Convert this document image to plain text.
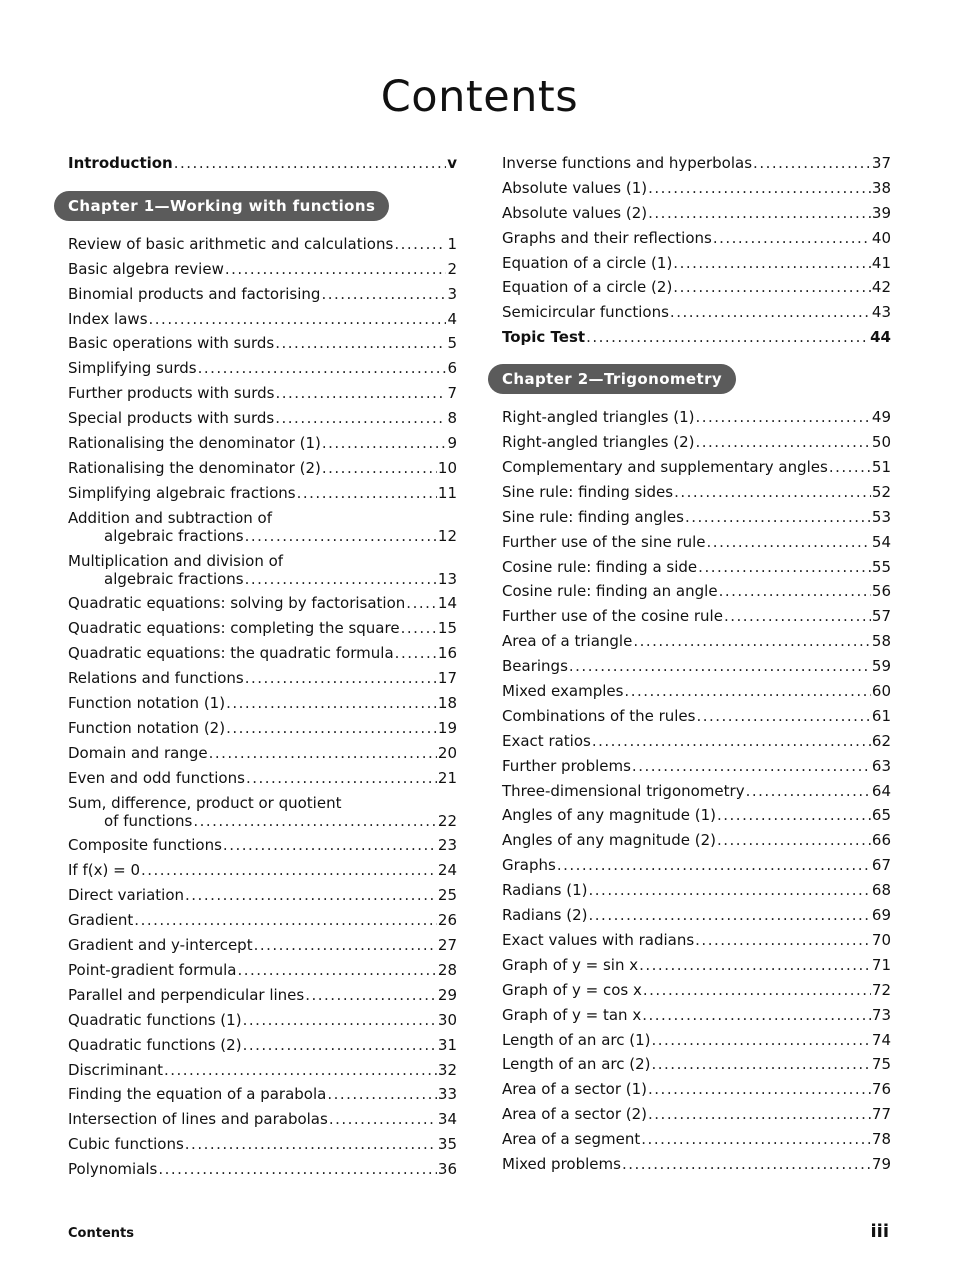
Contents
Introduction .....	v
Chapter 1—Working with functions
Review of basic arithmetic and calculations .....	1
Basic algebra review .....	2
Binomial products and factorising .....	3
Index laws .....	4
Basic operations with surds .....	5
Simplifying surds .....	6
Further products with surds .....	7
Special products with surds .....	8
Rationalising the denominator (1) .....	9
Rationalising the denominator (2) .....	10
Simplifying algebraic fractions .....	11
Addition and subtraction of
algebraic fractions .....	12
Multiplication and division of
algebraic fractions .....	13
Quadratic equations: solving by factorisation ..... 14
Quadratic equations: completing the square .....	15
Quadratic equations: the quadratic formula .....	16
Relations and functions .....	17
Function notation (1) .....	18
Function notation (2) .....	19
Domain and range .....	20
Even and odd functions .....	21
Sum, difference, product or quotient
of functions .....	22
Composite functions .....	23
If f(x) = 0 .....	24
Direct variation .....	25
Gradient .....	26
Gradient and y-intercept .....	27
Point-gradient formula .....	28
Parallel and perpendicular lines .....	29
Quadratic functions (1) .....	30
Quadratic functions (2) .....	31
Discriminant .....	32
Finding the equation of a parabola .....	33
Intersection of lines and parabolas .....	34
Cubic functions .....	35
Polynomials .....	36
Inverse functions and hyperbolas .....	37
Absolute values (1) .....	38
Absolute values (2) .....	39
Graphs and their reflections .....	40
Equation of a circle (1) .....	41
Equation of a circle (2) .....	42
Semicircular functions .....	43
Topic Test .....	44
Chapter 2—Trigonometry
Right-angled triangles (1) .....	49
Right-angled triangles (2) .....	50
Complementary and supplementary angles .....	51
Sine rule: finding sides .....	52
Sine rule: finding angles .....	53
Further use of the sine rule .....	54
Cosine rule: finding a side .....	55
Cosine rule: finding an angle .....	56
Further use of the cosine rule .....	57
Area of a triangle .....	58
Bearings .....	59
Mixed examples .....	60
Combinations of the rules .....	61
Exact ratios .....	62
Further problems .....	63
Three-dimensional trigonometry .....	64
Angles of any magnitude (1) .....	65
Angles of any magnitude (2) .....	66
Graphs .....	67
Radians (1) .....	68
Radians (2) .....	69
Exact values with radians .....	70
Graph of y = sin x .....	71
Graph of y = cos x .....	72
Graph of y = tan x .....	73
Length of an arc (1) .....	74
Length of an arc (2) .....	75
Area of a sector (1) .....	76
Area of a sector (2) .....	77
Area of a segment .....	78
Mixed problems .....	79
Contents	iii
